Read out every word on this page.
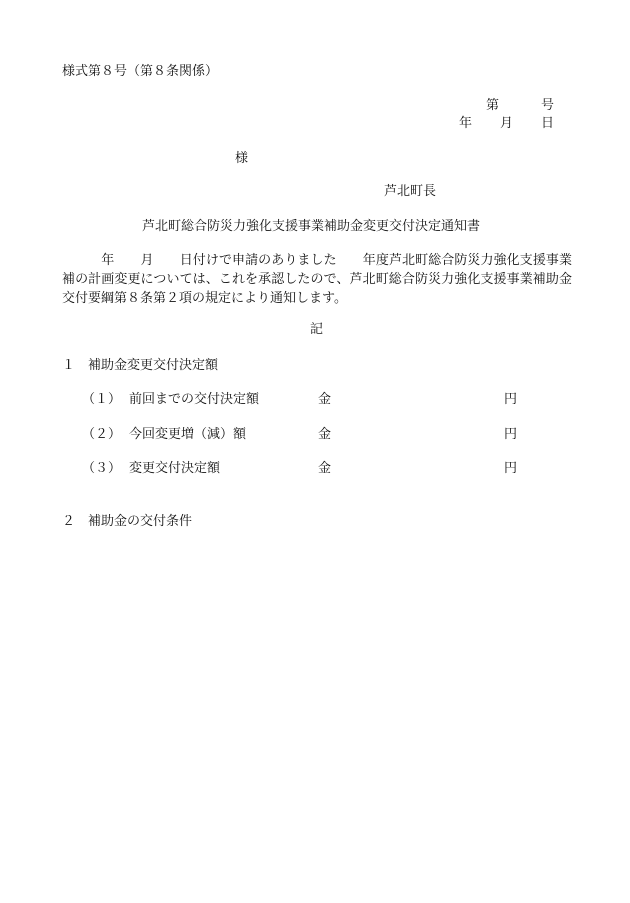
様式第８号（第８条関係）
第	号
年 月 日
様
芦北町長
芦北町総合防災力強化支援事業補助金変更交付決定通知書
　　　年　　月　　日付けで申請のありました　　年度芦北町総合防災力強化支援事業補の計画変更については、これを承認したので、芦北町総合防災力強化支援事業補助金交付要綱第８条第２項の規定により通知します。
記
１　補助金変更交付決定額
（１） 前回までの交付決定額	金	円
（２） 今回変更増（減）額	金	円
（３） 変更交付決定額	金	円
２　補助金の交付条件
